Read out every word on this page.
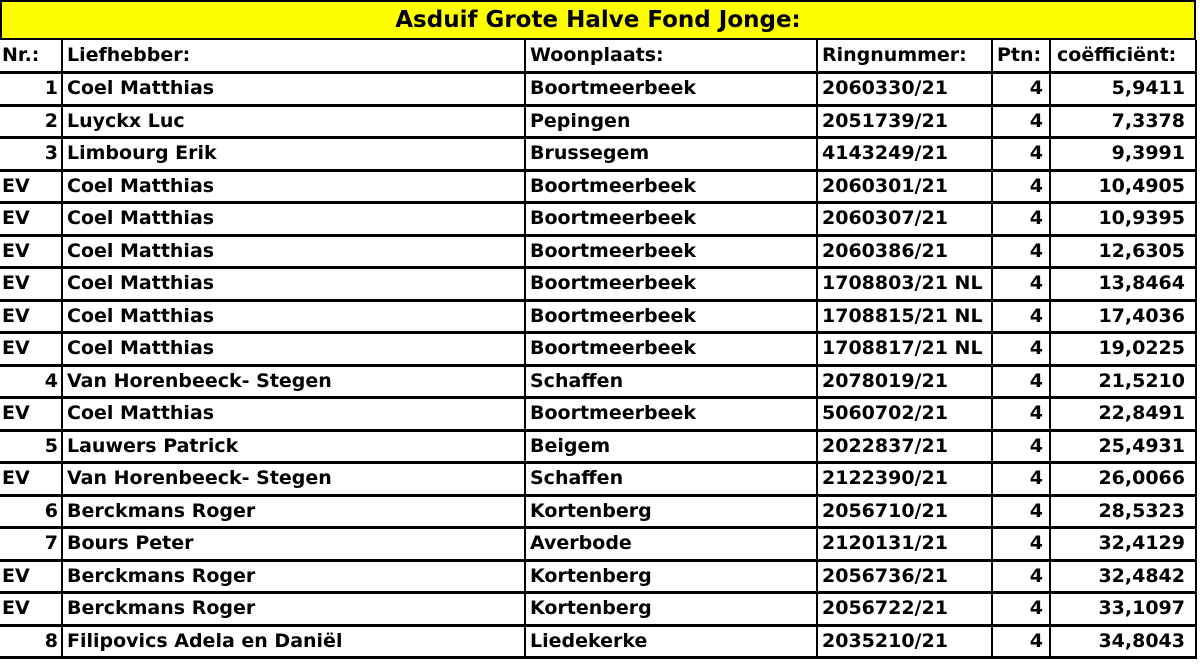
Asduif Grote Halve Fond Jonge:
Nr.:	Liefhebber:	Woonplaats:	Ringnummer:	Ptn:	coëfficiënt:
1	Coel Matthias	Boortmeerbeek	2060330/21	4	5,9411
2	Luyckx Luc	Pepingen	2051739/21	4	7,3378
3	Limbourg Erik	Brussegem	4143249/21	4	9,3991
EV	Coel Matthias	Boortmeerbeek	2060301/21	4	10,4905
EV	Coel Matthias	Boortmeerbeek	2060307/21	4	10,9395
EV	Coel Matthias	Boortmeerbeek	2060386/21	4	12,6305
EV	Coel Matthias	Boortmeerbeek	1708803/21 NL	4	13,8464
EV	Coel Matthias	Boortmeerbeek	1708815/21 NL	4	17,4036
EV	Coel Matthias	Boortmeerbeek	1708817/21 NL	4	19,0225
4	Van Horenbeeck- Stegen	Schaffen	2078019/21	4	21,5210
EV	Coel Matthias	Boortmeerbeek	5060702/21	4	22,8491
5	Lauwers Patrick	Beigem	2022837/21	4	25,4931
EV	Van Horenbeeck- Stegen	Schaffen	2122390/21	4	26,0066
6	Berckmans Roger	Kortenberg	2056710/21	4	28,5323
7	Bours Peter	Averbode	2120131/21	4	32,4129
EV	Berckmans Roger	Kortenberg	2056736/21	4	32,4842
EV	Berckmans Roger	Kortenberg	2056722/21	4	33,1097
8	Filipovics Adela en Daniël	Liedekerke	2035210/21	4	34,8043
